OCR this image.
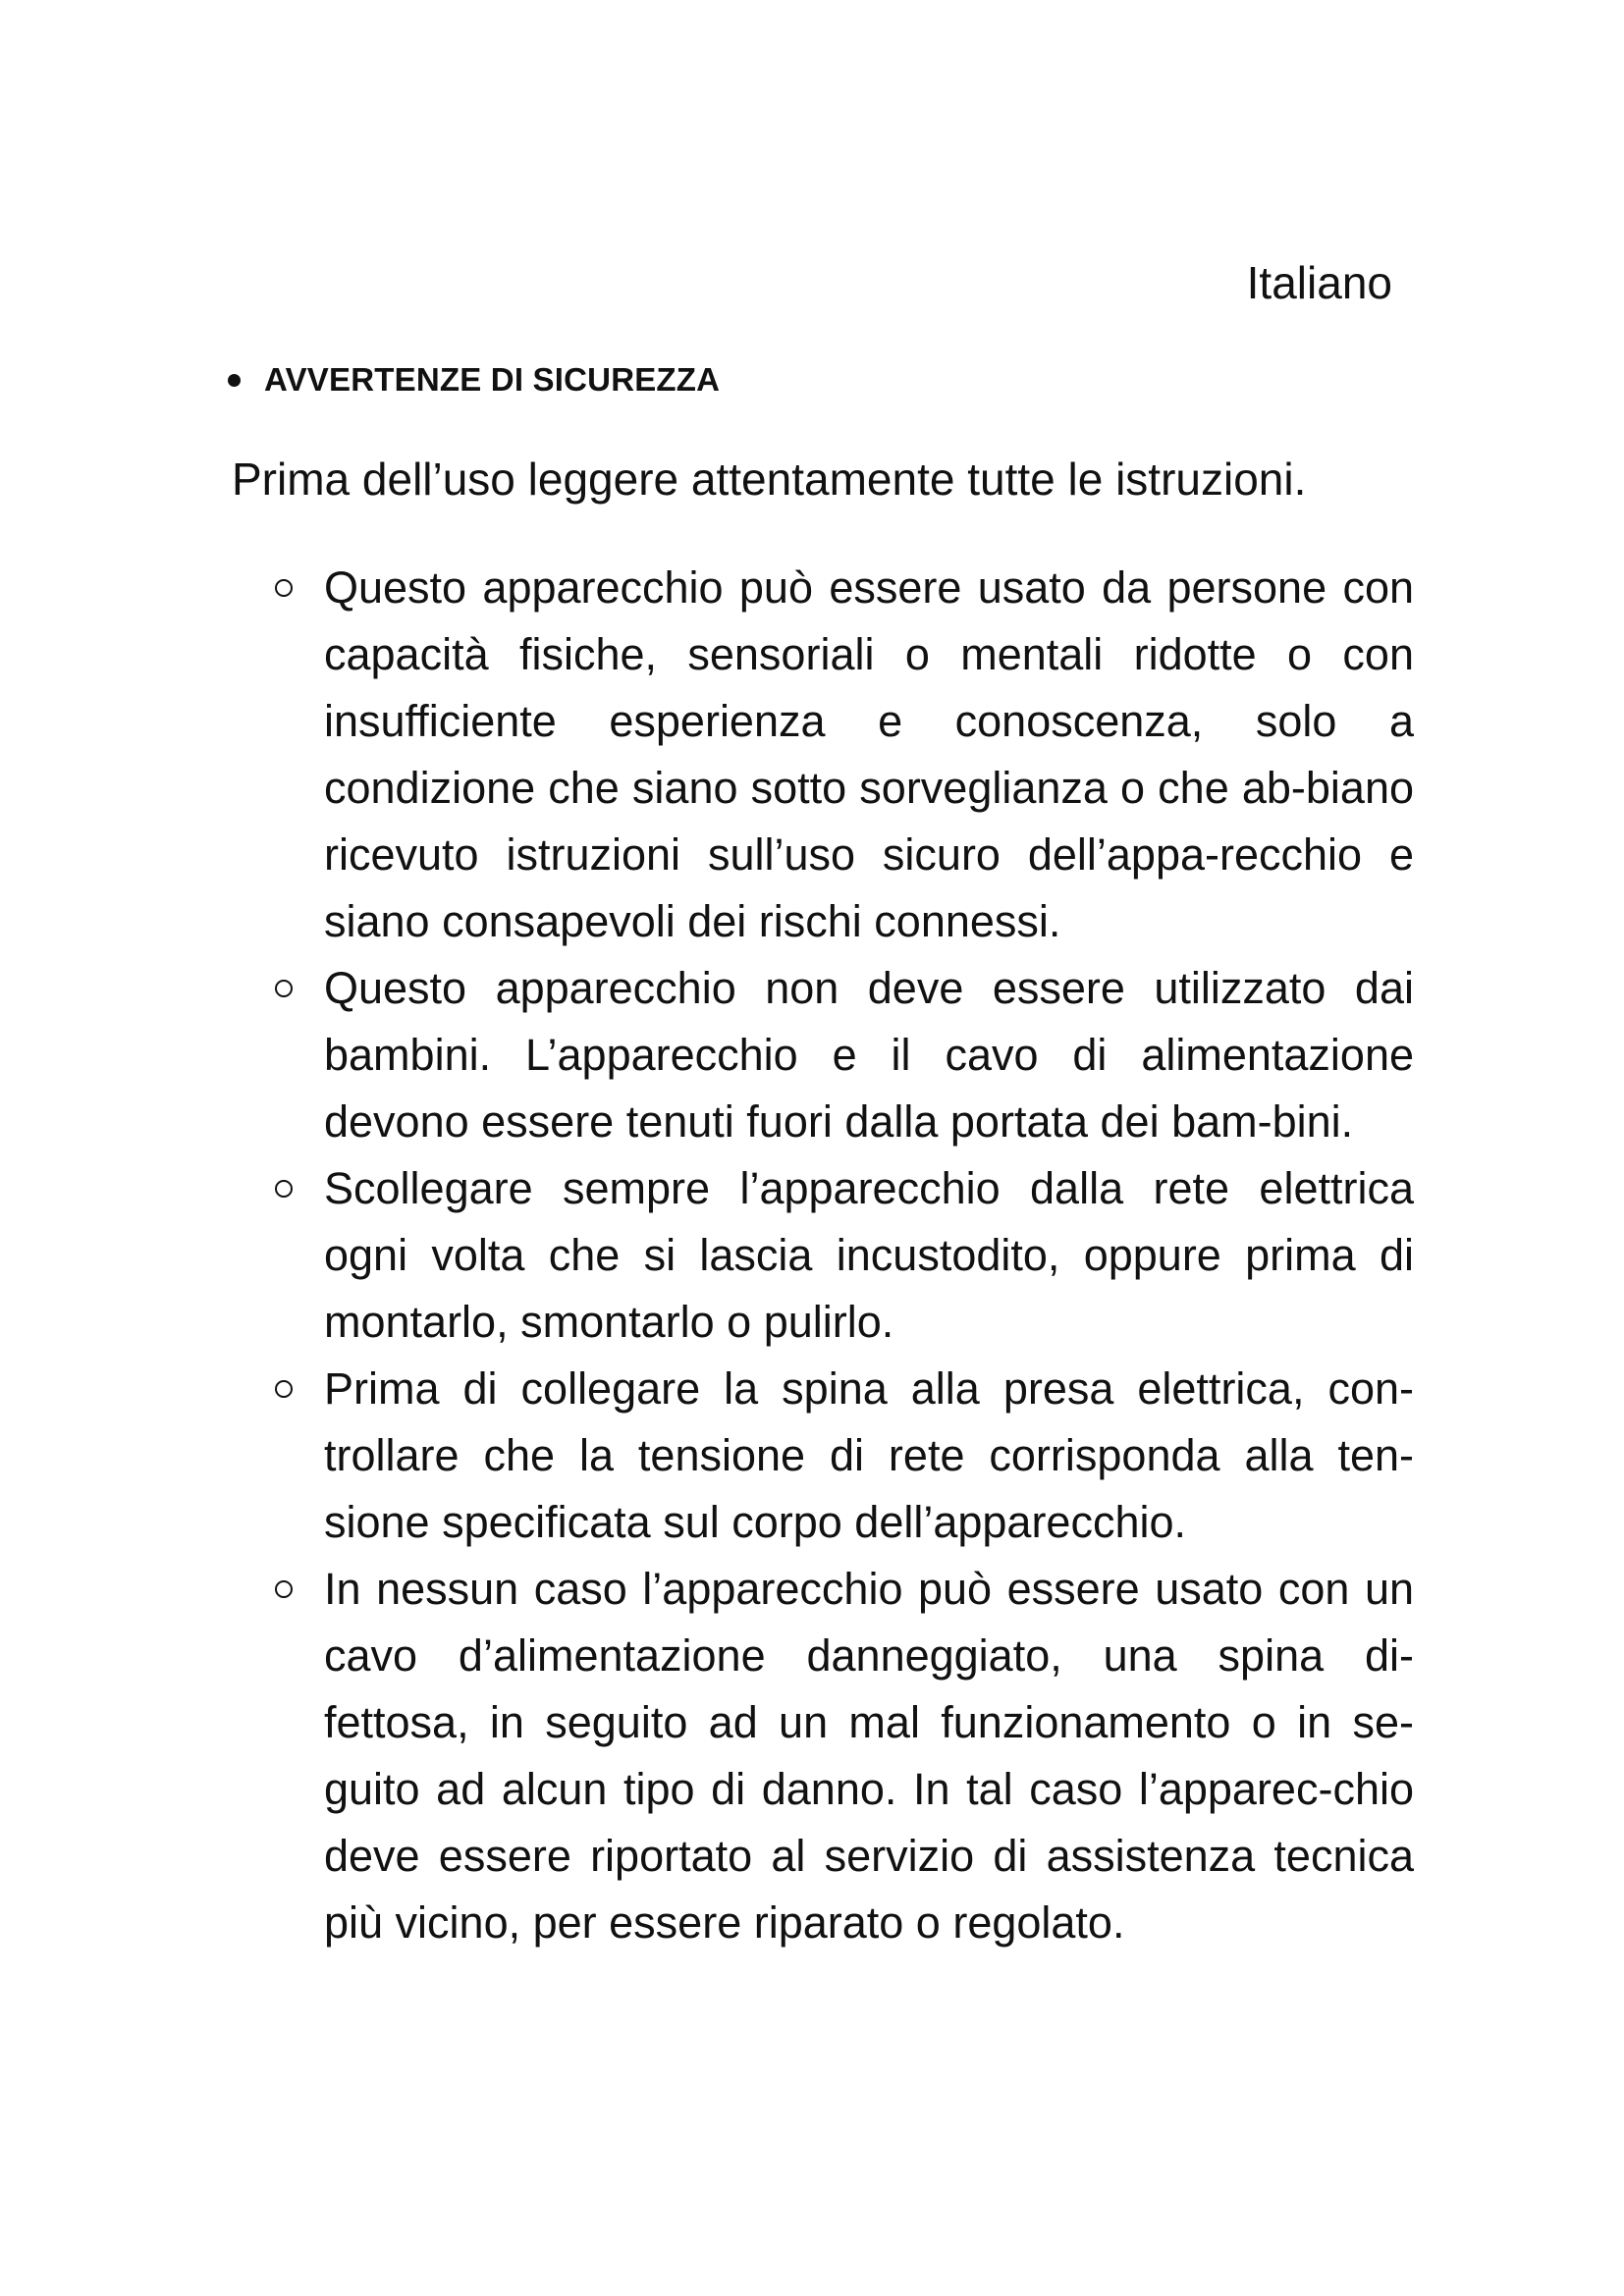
Italiano
AVVERTENZE DI SICUREZZA

Prima dell’uso leggere attentamente tutte le istruzioni.

Questo apparecchio può essere usato da persone con capacità fisiche, sensoriali o mentali ridotte o con insufficiente esperienza e conoscenza, solo a condizione che siano sotto sorveglianza o che ab-biano ricevuto istruzioni sull’uso sicuro dell’appa-recchio e siano consapevoli dei rischi connessi.
Questo apparecchio non deve essere utilizzato dai bambini. L’apparecchio e il cavo di alimentazione devono essere tenuti fuori dalla portata dei bam-bini.
Scollegare sempre l’apparecchio dalla rete elettrica ogni volta che si lascia incustodito, oppure prima di montarlo, smontarlo o pulirlo.
Prima di collegare la spina alla presa elettrica, con-trollare che la tensione di rete corrisponda alla ten-sione specificata sul corpo dell’apparecchio.
In nessun caso l’apparecchio può essere usato con un cavo d’alimentazione danneggiato, una spina di-fettosa, in seguito ad un mal funzionamento o in se-guito ad alcun tipo di danno. In tal caso l’apparec-chio deve essere riportato al servizio di assistenza tecnica più vicino, per essere riparato o regolato.
